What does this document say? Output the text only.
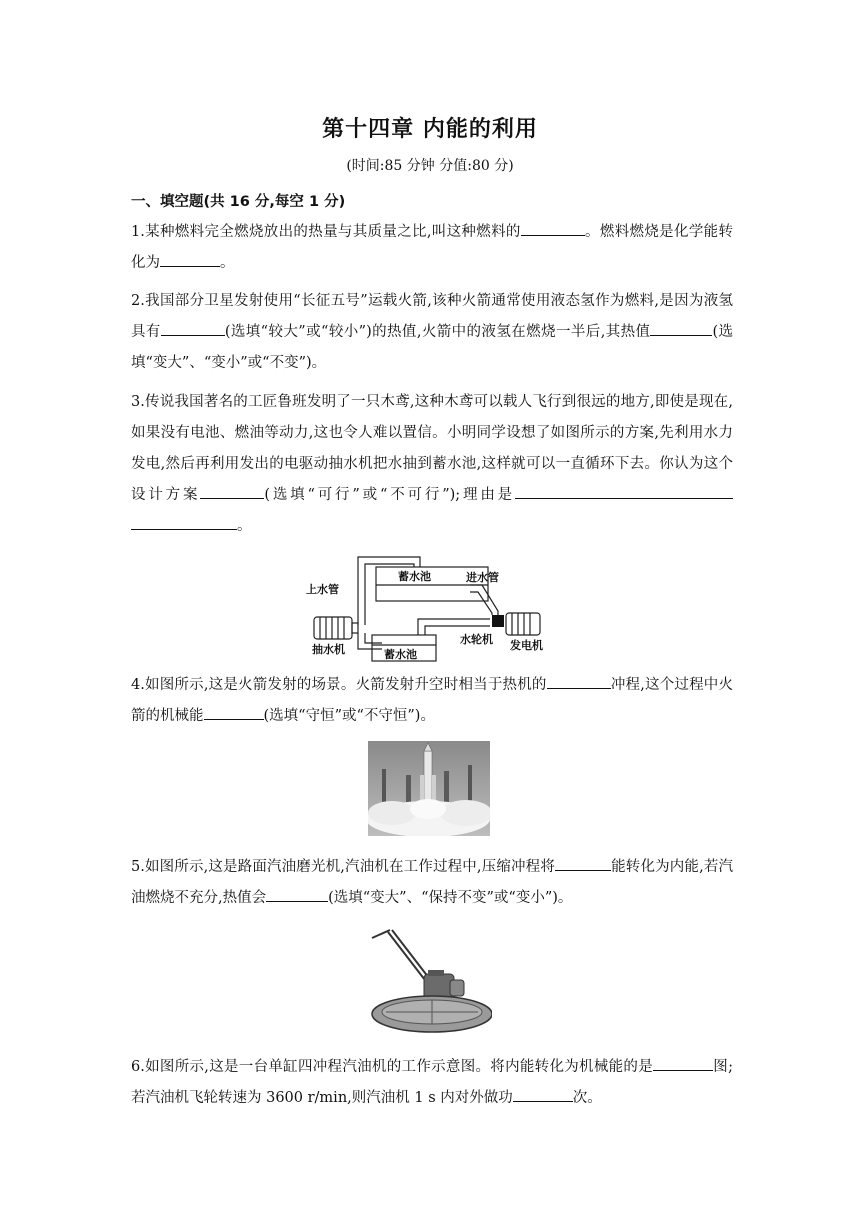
第十四章 内能的利用
(时间:85 分钟 分值:80 分)
一、填空题(共 16 分,每空 1 分)

1.某种燃料完全燃烧放出的热量与其质量之比,叫这种燃料的	。燃料燃烧是化学能转化为	。

2.我国部分卫星发射使用“长征五号”运载火箭,该种火箭通常使用液态氢作为燃料,是因为液氢具有	(选填“较大”或“较小”)的热值,火箭中的液氢在燃烧一半后,其热值	(选填“变大”、“变小”或“不变”)。

3.传说我国著名的工匠鲁班发明了一只木鸢,这种木鸢可以载人飞行到很远的地方,即使是现在,如果没有电池、燃油等动力,这也令人难以置信。小明同学设想了如图所示的方案,先利用水力发电,然后再利用发出的电驱动抽水机把水抽到蓄水池,这样就可以一直循环下去。你认为这个设计方案	(选填“可行”或“不可行”);理由是。

上水管
蓄水池	进水管
抽水机
水轮机 发电机
蓄水池

4.如图所示,这是火箭发射的场景。火箭发射升空时相当于热机的	冲程,这个过程中火箭的机械能	(选填“守恒”或“不守恒”)。

5.如图所示,这是路面汽油磨光机,汽油机在工作过程中,压缩冲程将	能转化为内能,若汽油燃烧不充分,热值会	(选填“变大”、“保持不变”或“变小”)。

6.如图所示,这是一台单缸四冲程汽油机的工作示意图。将内能转化为机械能的是	图;若汽油机飞轮转速为 3600 r/min,则汽油机 1 s 内对外做功	次。
